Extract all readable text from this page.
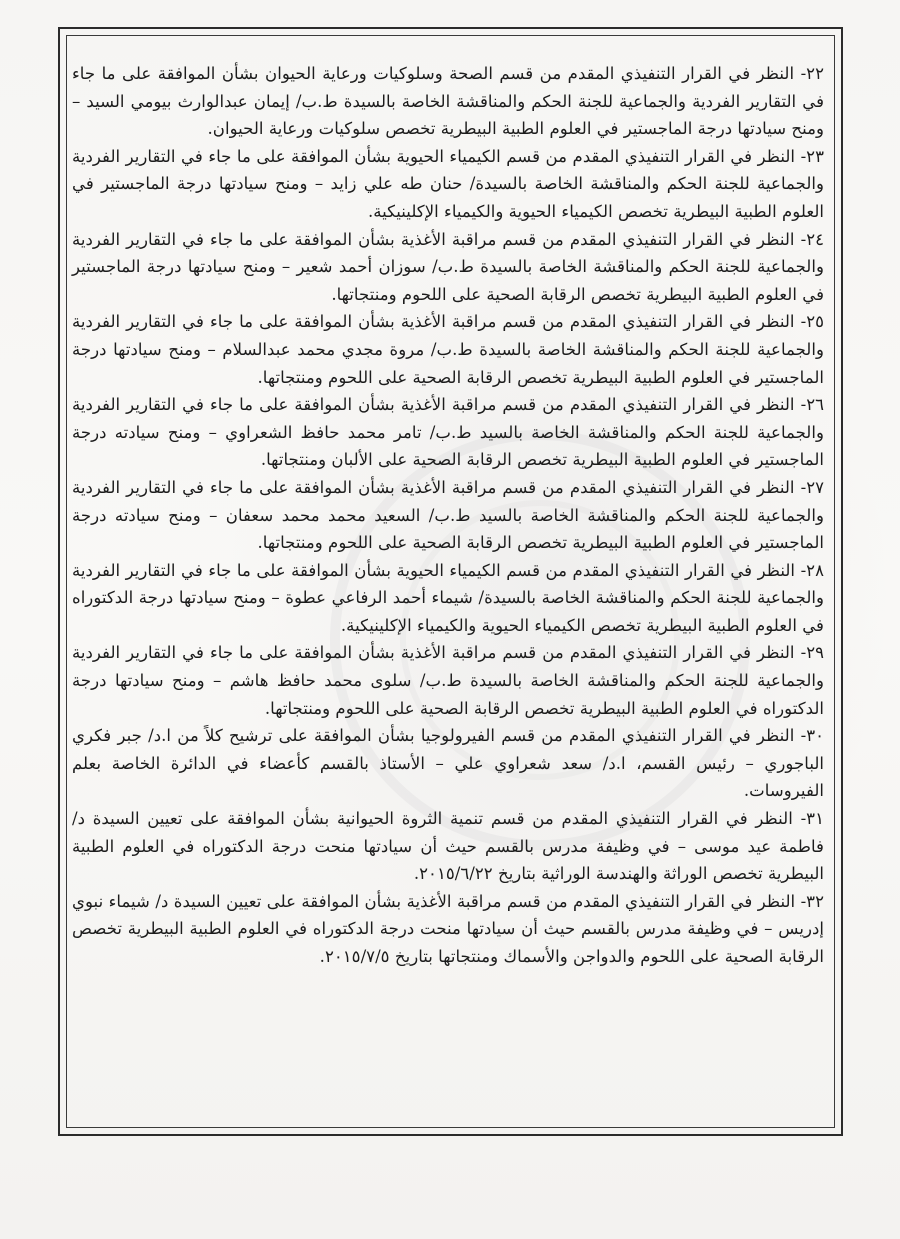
٢٢- النظر في القرار التنفيذي المقدم من قسم الصحة وسلوكيات ورعاية الحيوان بشأن الموافقة على ما جاء في التقارير الفردية والجماعية للجنة الحكم والمناقشة الخاصة بالسيدة ط.ب/ إيمان عبدالوارث بيومي السيد – ومنح سيادتها درجة الماجستير في العلوم الطبية البيطرية تخصص سلوكيات ورعاية الحيوان.

٢٣- النظر في القرار التنفيذي المقدم من قسم الكيمياء الحيوية بشأن الموافقة على ما جاء في التقارير الفردية والجماعية للجنة الحكم والمناقشة الخاصة بالسيدة/ حنان طه علي زايد – ومنح سيادتها درجة الماجستير في العلوم الطبية البيطرية تخصص الكيمياء الحيوية والكيمياء الإكلينيكية.

٢٤- النظر في القرار التنفيذي المقدم من قسم مراقبة الأغذية بشأن الموافقة على ما جاء في التقارير الفردية والجماعية للجنة الحكم والمناقشة الخاصة بالسيدة ط.ب/ سوزان أحمد شعير – ومنح سيادتها درجة الماجستير في العلوم الطبية البيطرية تخصص الرقابة الصحية على اللحوم ومنتجاتها.

٢٥- النظر في القرار التنفيذي المقدم من قسم مراقبة الأغذية بشأن الموافقة على ما جاء في التقارير الفردية والجماعية للجنة الحكم والمناقشة الخاصة بالسيدة ط.ب/ مروة مجدي محمد عبدالسلام – ومنح سيادتها درجة الماجستير في العلوم الطبية البيطرية تخصص الرقابة الصحية على اللحوم ومنتجاتها.

٢٦- النظر في القرار التنفيذي المقدم من قسم مراقبة الأغذية بشأن الموافقة على ما جاء في التقارير الفردية والجماعية للجنة الحكم والمناقشة الخاصة بالسيد ط.ب/ تامر محمد حافظ الشعراوي – ومنح سيادته درجة الماجستير في العلوم الطبية البيطرية تخصص الرقابة الصحية على الألبان ومنتجاتها.

٢٧- النظر في القرار التنفيذي المقدم من قسم مراقبة الأغذية بشأن الموافقة على ما جاء في التقارير الفردية والجماعية للجنة الحكم والمناقشة الخاصة بالسيد ط.ب/ السعيد محمد محمد سعفان – ومنح سيادته درجة الماجستير في العلوم الطبية البيطرية تخصص الرقابة الصحية على اللحوم ومنتجاتها.

٢٨- النظر في القرار التنفيذي المقدم من قسم الكيمياء الحيوية بشأن الموافقة على ما جاء في التقارير الفردية والجماعية للجنة الحكم والمناقشة الخاصة بالسيدة/ شيماء أحمد الرفاعي عطوة – ومنح سيادتها درجة الدكتوراه في العلوم الطبية البيطرية تخصص الكيمياء الحيوية والكيمياء الإكلينيكية.

٢٩- النظر في القرار التنفيذي المقدم من قسم مراقبة الأغذية بشأن الموافقة على ما جاء في التقارير الفردية والجماعية للجنة الحكم والمناقشة الخاصة بالسيدة ط.ب/ سلوى محمد حافظ هاشم – ومنح سيادتها درجة الدكتوراه في العلوم الطبية البيطرية تخصص الرقابة الصحية على اللحوم ومنتجاتها.

٣٠- النظر في القرار التنفيذي المقدم من قسم الفيرولوجيا بشأن الموافقة على ترشيح كلاً من ا.د/ جبر فكري الباجوري – رئيس القسم، ا.د/ سعد شعراوي علي – الأستاذ بالقسم كأعضاء في الدائرة الخاصة بعلم الفيروسات.

٣١- النظر في القرار التنفيذي المقدم من قسم تنمية الثروة الحيوانية بشأن الموافقة على تعيين السيدة د/ فاطمة عيد موسى – في وظيفة مدرس بالقسم حيث أن سيادتها منحت درجة الدكتوراه في العلوم الطبية البيطرية تخصص الوراثة والهندسة الوراثية بتاريخ ٢٠١٥/٦/٢٢.

٣٢- النظر في القرار التنفيذي المقدم من قسم مراقبة الأغذية بشأن الموافقة على تعيين السيدة د/ شيماء نبوي إدريس – في وظيفة مدرس بالقسم حيث أن سيادتها منحت درجة الدكتوراه في العلوم الطبية البيطرية تخصص الرقابة الصحية على اللحوم والدواجن والأسماك ومنتجاتها بتاريخ ٢٠١٥/٧/٥.
